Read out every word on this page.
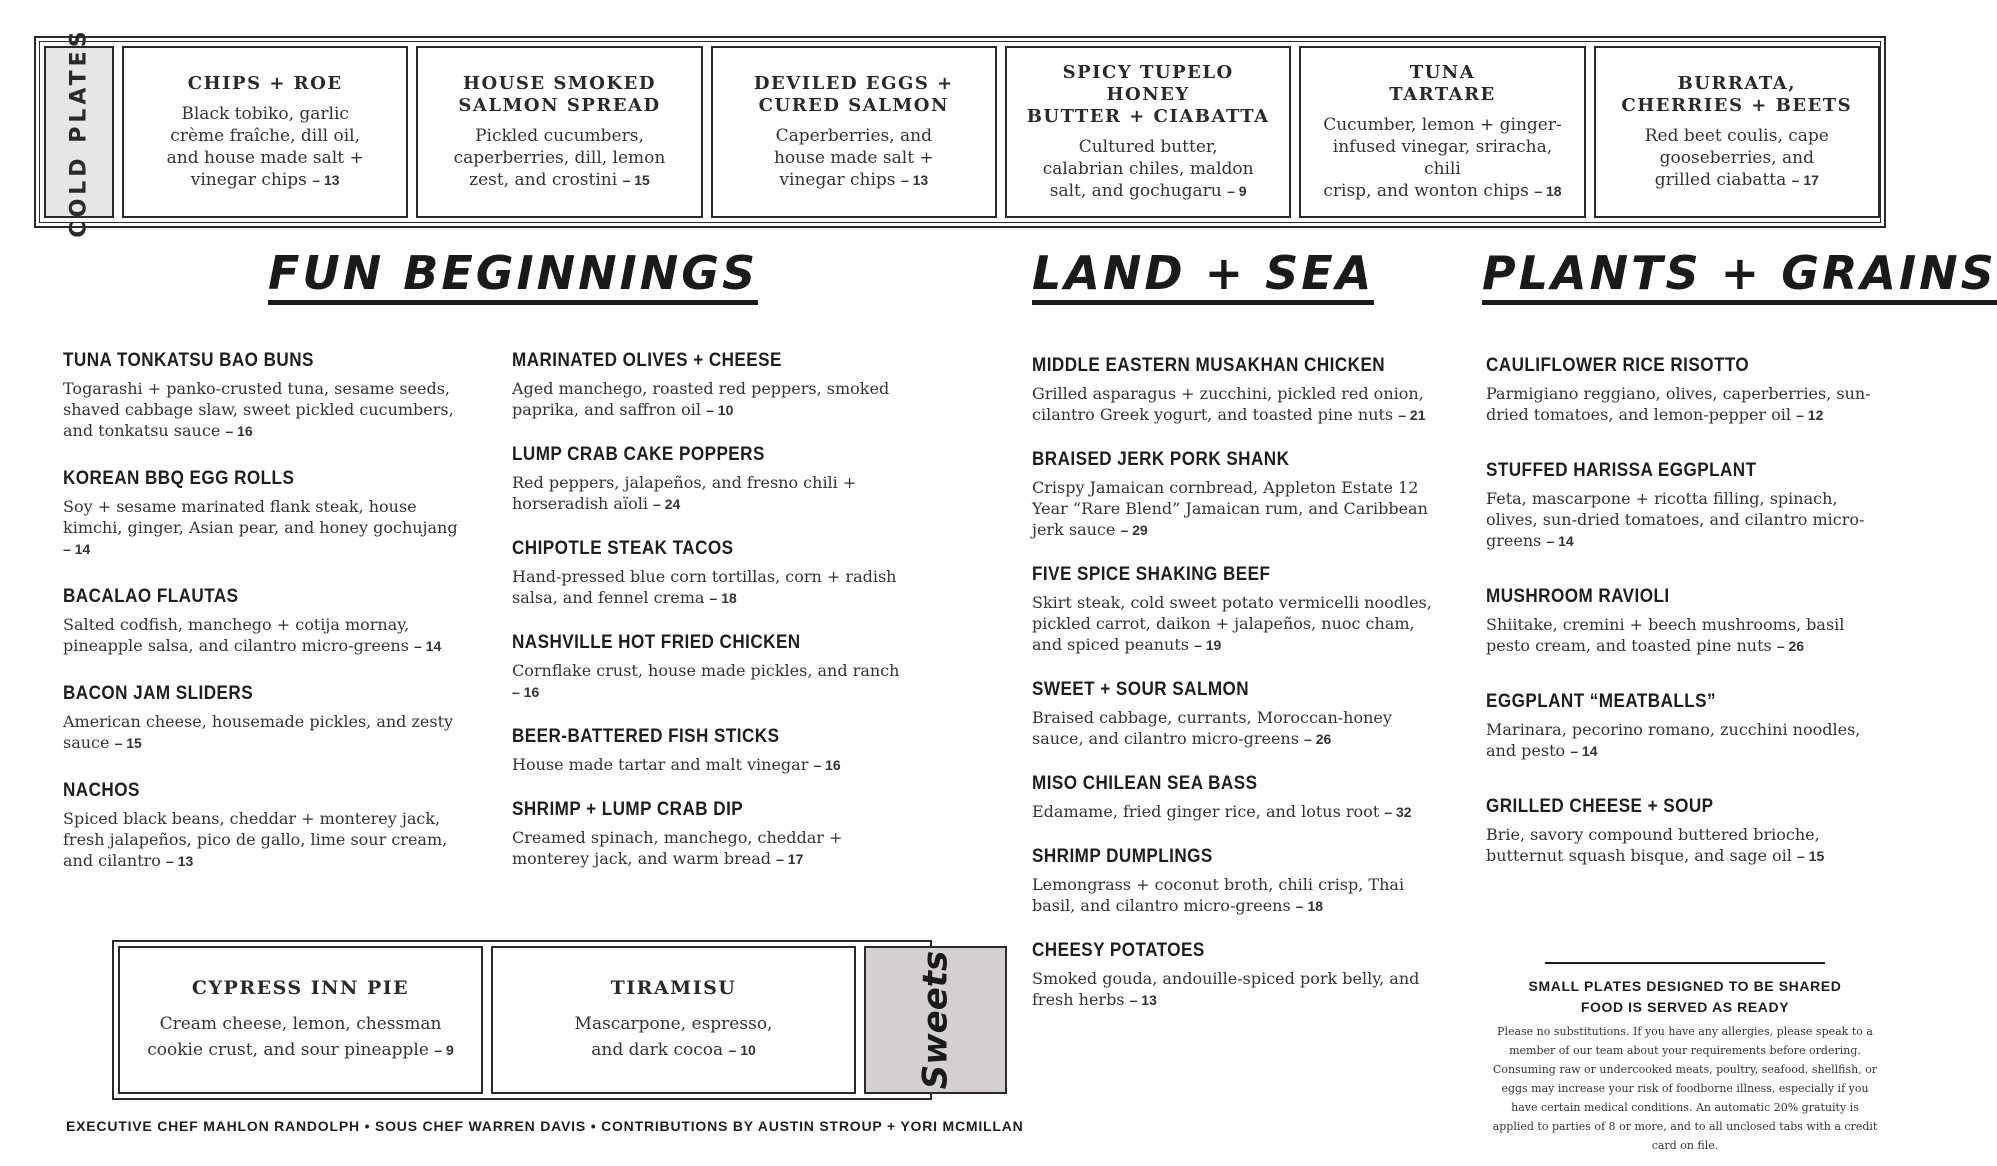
COLD PLATES	CHIPS + ROE
Black tobiko, garlic
crème fraîche, dill oil,
and house made salt +
vinegar chips – 13
HOUSE SMOKED
SALMON SPREAD
Pickled cucumbers,
caperberries, dill, lemon
zest, and crostini – 15
DEVILED EGGS +
CURED SALMON
Caperberries, and
house made salt +
vinegar chips – 13
SPICY TUPELO HONEY
BUTTER + CIABATTA
Cultured butter,
calabrian chiles, maldon
salt, and gochugaru – 9
TUNA
TARTARE
Cucumber, lemon + ginger-
infused vinegar, sriracha, chili
crisp, and wonton chips – 18
BURRATA,
CHERRIES + BEETS
Red beet coulis, cape
gooseberries, and
grilled ciabatta – 17
FUN BEGINNINGS	LAND + SEA PLANTS + GRAINS
TUNA TONKATSU BAO BUNS
Togarashi + panko-crusted tuna, sesame seeds, shaved cabbage slaw, sweet pickled cucumbers, and tonkatsu sauce – 16
KOREAN BBQ EGG ROLLS
Soy + sesame marinated flank steak, house kimchi, ginger, Asian pear, and honey gochujang – 14
BACALAO FLAUTAS
Salted codfish, manchego + cotija mornay, pineapple salsa, and cilantro micro-greens – 14
BACON JAM SLIDERS
American cheese, housemade pickles, and zesty sauce – 15
NACHOS
Spiced black beans, cheddar + monterey jack, fresh jalapeños, pico de gallo, lime sour cream, and cilantro – 13
MARINATED OLIVES + CHEESE
Aged manchego, roasted red peppers, smoked paprika, and saffron oil – 10
LUMP CRAB CAKE POPPERS
Red peppers, jalapeños, and fresno chili + horseradish aïoli – 24
CHIPOTLE STEAK TACOS
Hand-pressed blue corn tortillas, corn + radish salsa, and fennel crema – 18
NASHVILLE HOT FRIED CHICKEN
Cornflake crust, house made pickles, and ranch – 16
BEER-BATTERED FISH STICKS
House made tartar and malt vinegar – 16
SHRIMP + LUMP CRAB DIP
Creamed spinach, manchego, cheddar + monterey jack, and warm bread – 17
MIDDLE EASTERN MUSAKHAN CHICKEN
Grilled asparagus + zucchini, pickled red onion, cilantro Greek yogurt, and toasted pine nuts – 21
BRAISED JERK PORK SHANK
Crispy Jamaican cornbread, Appleton Estate 12 Year “Rare Blend” Jamaican rum, and Caribbean jerk sauce – 29
FIVE SPICE SHAKING BEEF
Skirt steak, cold sweet potato vermicelli noodles, pickled carrot, daikon + jalapeños, nuoc cham, and spiced peanuts – 19
SWEET + SOUR SALMON
Braised cabbage, currants, Moroccan-honey sauce, and cilantro micro-greens – 26
MISO CHILEAN SEA BASS
Edamame, fried ginger rice, and lotus root – 32
SHRIMP DUMPLINGS
Lemongrass + coconut broth, chili crisp, Thai basil, and cilantro micro-greens – 18
CHEESY POTATOES
Smoked gouda, andouille-spiced pork belly, and fresh herbs – 13
CAULIFLOWER RICE RISOTTO
Parmigiano reggiano, olives, caperberries, sun-dried tomatoes, and lemon-pepper oil – 12
STUFFED HARISSA EGGPLANT
Feta, mascarpone + ricotta filling, spinach, olives, sun-dried tomatoes, and cilantro micro-greens – 14
MUSHROOM RAVIOLI
Shiitake, cremini + beech mushrooms, basil pesto cream, and toasted pine nuts – 26
EGGPLANT “MEATBALLS”
Marinara, pecorino romano, zucchini noodles, and pesto – 14
GRILLED CHEESE + SOUP
Brie, savory compound buttered brioche, butternut squash bisque, and sage oil – 15
CYPRESS INN PIE
Cream cheese, lemon, chessman
cookie crust, and sour pineapple – 9
TIRAMISU
Mascarpone, espresso,
and dark cocoa – 10	Sweets
EXECUTIVE CHEF MAHLON RANDOLPH • SOUS CHEF WARREN DAVIS • CONTRIBUTIONS BY AUSTIN STROUP + YORI MCMILLAN
SMALL PLATES DESIGNED TO BE SHARED
FOOD IS SERVED AS READY
Please no substitutions. If you have any allergies, please speak to a member of our team about your requirements before ordering. Consuming raw or undercooked meats, poultry, seafood, shellfish, or eggs may increase your risk of foodborne illness, especially if you have certain medical conditions. An automatic 20% gratuity is applied to parties of 8 or more, and to all unclosed tabs with a credit card on file.
